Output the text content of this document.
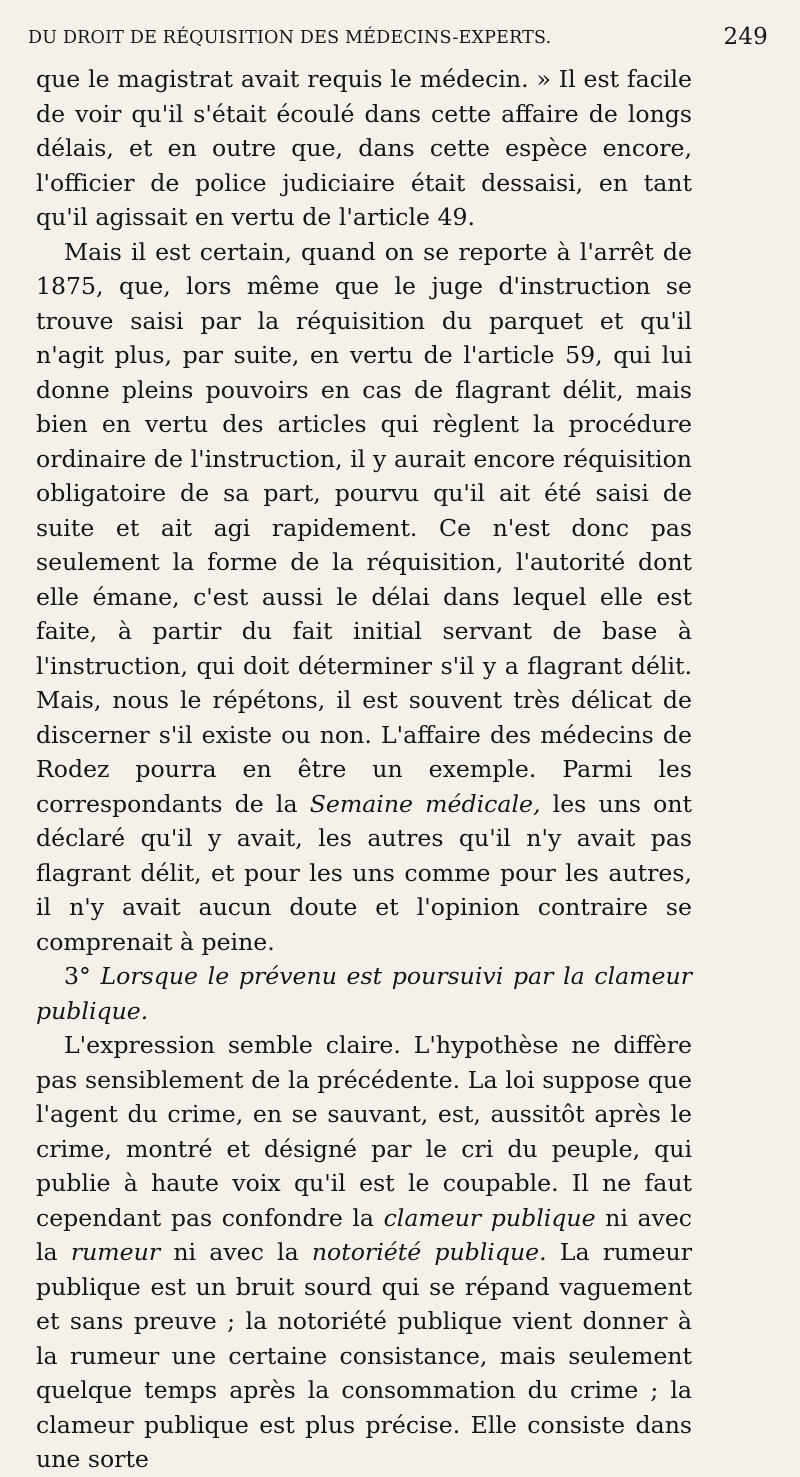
DU DROIT DE RÉQUISITION DES MÉDECINS-EXPERTS.	249

que le magistrat avait requis le médecin. » Il est facile de voir qu'il s'était écoulé dans cette affaire de longs délais, et en outre que, dans cette espèce encore, l'officier de police judiciaire était dessaisi, en tant qu'il agissait en vertu de l'article 49.

Mais il est certain, quand on se reporte à l'arrêt de 1875, que, lors même que le juge d'instruction se trouve saisi par la réquisition du parquet et qu'il n'agit plus, par suite, en vertu de l'article 59, qui lui donne pleins pouvoirs en cas de flagrant délit, mais bien en vertu des articles qui règlent la procédure ordinaire de l'instruction, il y aurait encore réquisition obligatoire de sa part, pourvu qu'il ait été saisi de suite et ait agi rapidement. Ce n'est donc pas seulement la forme de la réquisition, l'autorité dont elle émane, c'est aussi le délai dans lequel elle est faite, à partir du fait initial servant de base à l'instruction, qui doit déterminer s'il y a flagrant délit. Mais, nous le répétons, il est souvent très délicat de discerner s'il existe ou non. L'affaire des médecins de Rodez pourra en être un exemple. Parmi les correspondants de la Semaine médicale, les uns ont déclaré qu'il y avait, les autres qu'il n'y avait pas flagrant délit, et pour les uns comme pour les autres, il n'y avait aucun doute et l'opinion contraire se comprenait à peine.

3° Lorsque le prévenu est poursuivi par la clameur publique.

L'expression semble claire. L'hypothèse ne diffère pas sensiblement de la précédente. La loi suppose que l'agent du crime, en se sauvant, est, aussitôt après le crime, montré et désigné par le cri du peuple, qui publie à haute voix qu'il est le coupable. Il ne faut cependant pas confondre la clameur publique ni avec la rumeur ni avec la notoriété publique. La rumeur publique est un bruit sourd qui se répand vaguement et sans preuve ; la notoriété publique vient donner à la rumeur une certaine consistance, mais seulement quelque temps après la consommation du crime ; la clameur publique est plus précise. Elle consiste dans une sorte
